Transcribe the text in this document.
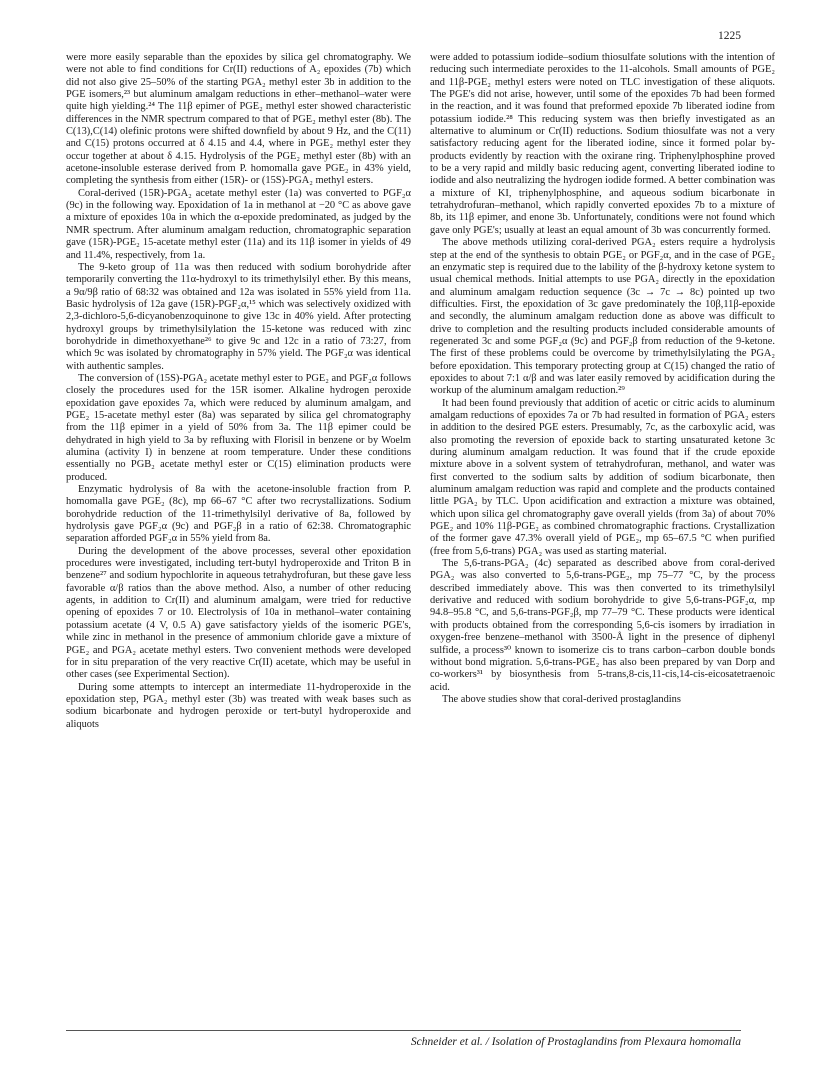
1225

were more easily separable than the epoxides by silica gel chromatography. We were not able to find conditions for Cr(II) reductions of A₂ epoxides (7b) which did not also give 25–50% of the starting PGA₂ methyl ester 3b in addition to the PGE isomers,²³ but aluminum amalgam reductions in ether–methanol–water were quite high yielding.²⁴ The 11β epimer of PGE₂ methyl ester showed characteristic differences in the NMR spectrum compared to that of PGE₂ methyl ester (8b). The C(13),C(14) olefinic protons were shifted downfield by about 9 Hz, and the C(11) and C(15) protons occurred at δ 4.15 and 4.4, where in PGE₂ methyl ester they occur together at about δ 4.15. Hydrolysis of the PGE₂ methyl ester (8b) with an acetone-insoluble esterase derived from P. homomalla gave PGE₂ in 43% yield, completing the synthesis from either (15R)- or (15S)-PGA₂ methyl esters.

Coral-derived (15R)-PGA₂ acetate methyl ester (1a) was converted to PGF₂α (9c) in the following way. Epoxidation of 1a in methanol at −20 °C as above gave a mixture of epoxides 10a in which the α-epoxide predominated, as judged by the NMR spectrum. After aluminum amalgam reduction, chromatographic separation gave (15R)-PGE₂ 15-acetate methyl ester (11a) and its 11β isomer in yields of 49 and 11.4%, respectively, from 1a.

The 9-keto group of 11a was then reduced with sodium borohydride after temporarily converting the 11α-hydroxyl to its trimethylsilyl ether. By this means, a 9α/9β ratio of 68:32 was obtained and 12a was isolated in 55% yield from 11a. Basic hydrolysis of 12a gave (15R)-PGF₂α,¹⁵ which was selectively oxidized with 2,3-dichloro-5,6-dicyanobenzoquinone to give 13c in 40% yield. After protecting hydroxyl groups by trimethylsilylation the 15-ketone was reduced with zinc borohydride in dimethoxyethane²⁶ to give 9c and 12c in a ratio of 73:27, from which 9c was isolated by chromatography in 57% yield. The PGF₂α was identical with authentic samples.

The conversion of (15S)-PGA₂ acetate methyl ester to PGE₂ and PGF₂α follows closely the procedures used for the 15R isomer. Alkaline hydrogen peroxide epoxidation gave epoxides 7a, which were reduced by aluminum amalgam, and PGE₂ 15-acetate methyl ester (8a) was separated by silica gel chromatography from the 11β epimer in a yield of 50% from 3a. The 11β epimer could be dehydrated in high yield to 3a by refluxing with Florisil in benzene or by Woelm alumina (activity I) in benzene at room temperature. Under these conditions essentially no PGB₂ acetate methyl ester or C(15) elimination products were produced.

Enzymatic hydrolysis of 8a with the acetone-insoluble fraction from P. homomalla gave PGE₂ (8c), mp 66–67 °C after two recrystallizations. Sodium borohydride reduction of the 11-trimethylsilyl derivative of 8a, followed by hydrolysis gave PGF₂α (9c) and PGF₂β in a ratio of 62:38. Chromatographic separation afforded PGF₂α in 55% yield from 8a.

During the development of the above processes, several other epoxidation procedures were investigated, including tert-butyl hydroperoxide and Triton B in benzene²⁷ and sodium hypochlorite in aqueous tetrahydrofuran, but these gave less favorable α/β ratios than the above method. Also, a number of other reducing agents, in addition to Cr(II) and aluminum amalgam, were tried for reductive opening of epoxides 7 or 10. Electrolysis of 10a in methanol–water containing potassium acetate (4 V, 0.5 A) gave satisfactory yields of the isomeric PGE's, while zinc in methanol in the presence of ammonium chloride gave a mixture of PGE₂ and PGA₂ acetate methyl esters. Two convenient methods were developed for in situ preparation of the very reactive Cr(II) acetate, which may be useful in other cases (see Experimental Section).

During some attempts to intercept an intermediate 11-hydroperoxide in the epoxidation step, PGA₂ methyl ester (3b) was treated with weak bases such as sodium bicarbonate and hydrogen peroxide or tert-butyl hydroperoxide and aliquots

were added to potassium iodide–sodium thiosulfate solutions with the intention of reducing such intermediate peroxides to the 11-alcohols. Small amounts of PGE₂ and 11β-PGE₂ methyl esters were noted on TLC investigation of these aliquots. The PGE's did not arise, however, until some of the epoxides 7b had been formed in the reaction, and it was found that preformed epoxide 7b liberated iodine from potassium iodide.²⁸ This reducing system was then briefly investigated as an alternative to aluminum or Cr(II) reductions. Sodium thiosulfate was not a very satisfactory reducing agent for the liberated iodine, since it formed polar by-products evidently by reaction with the oxirane ring. Triphenylphosphine proved to be a very rapid and mildly basic reducing agent, converting liberated iodine to iodide and also neutralizing the hydrogen iodide formed. A better combination was a mixture of KI, triphenylphosphine, and aqueous sodium bicarbonate in tetrahydrofuran–methanol, which rapidly converted epoxides 7b to a mixture of 8b, its 11β epimer, and enone 3b. Unfortunately, conditions were not found which gave only PGE's; usually at least an equal amount of 3b was concurrently formed.

The above methods utilizing coral-derived PGA₂ esters require a hydrolysis step at the end of the synthesis to obtain PGE₂ or PGF₂α, and in the case of PGE₂ an enzymatic step is required due to the lability of the β-hydroxy ketone system to usual chemical methods. Initial attempts to use PGA₂ directly in the epoxidation and aluminum amalgam reduction sequence (3c → 7c → 8c) pointed up two difficulties. First, the epoxidation of 3c gave predominately the 10β,11β-epoxide and secondly, the aluminum amalgam reduction done as above was difficult to drive to completion and the resulting products included considerable amounts of regenerated 3c and some PGF₂α (9c) and PGF₂β from reduction of the 9-ketone. The first of these problems could be overcome by trimethylsilylating the PGA₂ before epoxidation. This temporary protecting group at C(15) changed the ratio of epoxides to about 7:1 α/β and was later easily removed by acidification during the workup of the aluminum amalgam reduction.²⁹

It had been found previously that addition of acetic or citric acids to aluminum amalgam reductions of epoxides 7a or 7b had resulted in formation of PGA₂ esters in addition to the desired PGE esters. Presumably, 7c, as the carboxylic acid, was also promoting the reversion of epoxide back to starting unsaturated ketone 3c during aluminum amalgam reduction. It was found that if the crude epoxide mixture above in a solvent system of tetrahydrofuran, methanol, and water was first converted to the sodium salts by addition of sodium bicarbonate, then aluminum amalgam reduction was rapid and complete and the products contained little PGA₂ by TLC. Upon acidification and extraction a mixture was obtained, which upon silica gel chromatography gave overall yields (from 3a) of about 70% PGE₂ and 10% 11β-PGE₂ as combined chromatographic fractions. Crystallization of the former gave 47.3% overall yield of PGE₂, mp 65–67.5 °C when purified (free from 5,6-trans) PGA₂ was used as starting material.

The 5,6-trans-PGA₂ (4c) separated as described above from coral-derived PGA₂ was also converted to 5,6-trans-PGE₂, mp 75–77 °C, by the process described immediately above. This was then converted to its trimethylsilyl derivative and reduced with sodium borohydride to give 5,6-trans-PGF₂α, mp 94.8–95.8 °C, and 5,6-trans-PGF₂β, mp 77–79 °C. These products were identical with products obtained from the corresponding 5,6-cis isomers by irradiation in oxygen-free benzene–methanol with 3500-Å light in the presence of diphenyl sulfide, a process³⁰ known to isomerize cis to trans carbon–carbon double bonds without bond migration. 5,6-trans-PGE₂ has also been prepared by van Dorp and co-workers³¹ by biosynthesis from 5-trans,8-cis,11-cis,14-cis-eicosatetraenoic acid.

The above studies show that coral-derived prostaglandins

Schneider et al. / Isolation of Prostaglandins from Plexaura homomalla
